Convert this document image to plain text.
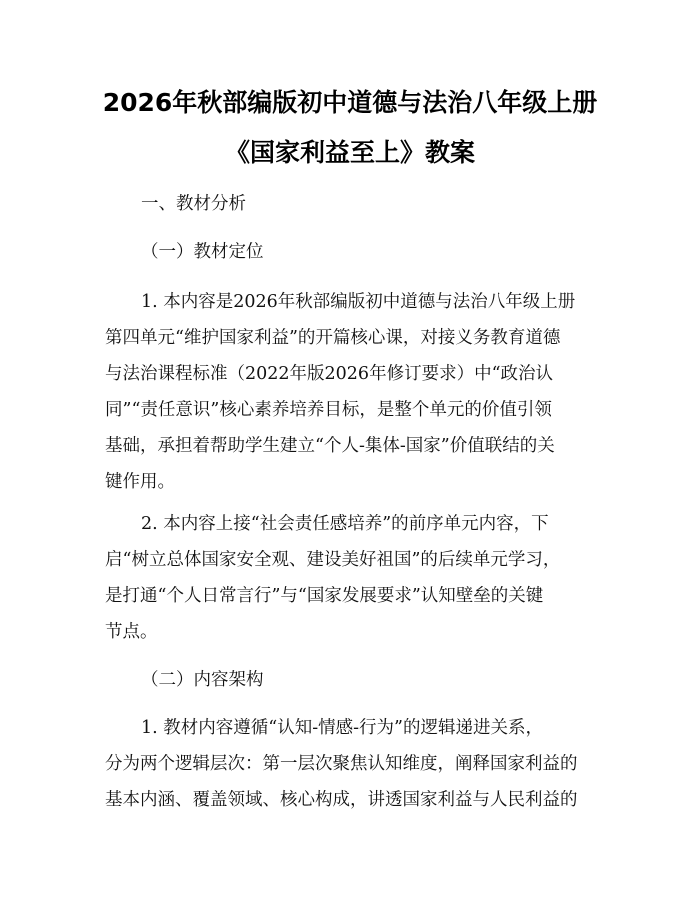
2026年秋部编版初中道德与法治八年级上册
《国家利益至上》教案
一、教材分析
（一）教材定位
1. 本内容是2026年秋部编版初中道德与法治八年级上册
第四单元“维护国家利益”的开篇核心课，对接义务教育道德
与法治课程标准（2022年版2026年修订要求）中“政治认
同”“责任意识”核心素养培养目标，是整个单元的价值引领
基础，承担着帮助学生建立“个人-集体-国家”价值联结的关
键作用。
2. 本内容上接“社会责任感培养”的前序单元内容，下
启“树立总体国家安全观、建设美好祖国”的后续单元学习，
是打通“个人日常言行”与“国家发展要求”认知壁垒的关键
节点。
（二）内容架构
1. 教材内容遵循“认知-情感-行为”的逻辑递进关系，
分为两个逻辑层次：第一层次聚焦认知维度，阐释国家利益的
基本内涵、覆盖领域、核心构成，讲透国家利益与人民利益的
